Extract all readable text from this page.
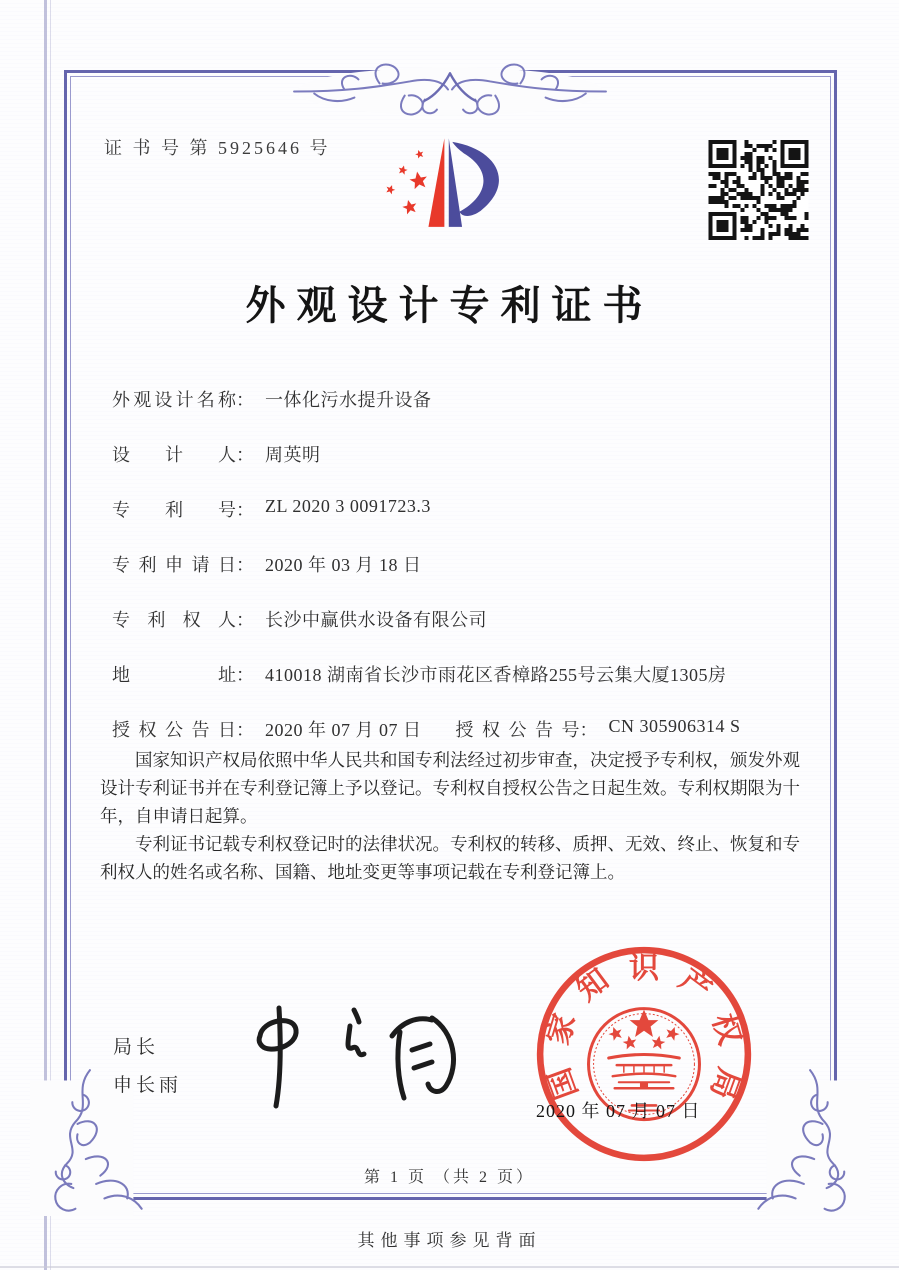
证 书 号 第 5925646 号
外观设计专利证书
外观设计名称 ： 一体化污水提升设备
设计人 ： 周英明
专利号 ： ZL 2020 3 0091723.3
专利申请日 ： 2020 年 03 月 18 日
专利权人 ： 长沙中赢供水设备有限公司
地址 ： 410018 湖南省长沙市雨花区香樟路255号云集大厦1305房
授权公告日 ： 2020 年 07 月 07 日 授权公告号 ： CN 305906314 S

国家知识产权局依照中华人民共和国专利法经过初步审查，决定授予专利权，颁发外观设计专利证书并在专利登记簿上予以登记。专利权自授权公告之日起生效。专利权期限为十年，自申请日起算。

专利证书记载专利权登记时的法律状况。专利权的转移、质押、无效、终止、恢复和专利权人的姓名或名称、国籍、地址变更等事项记载在专利登记簿上。

局长
申长雨	国
家
知 识 产
权
局
2020 年 07 月 07 日
第 1 页 （共 2 页）
其他事项参见背面
